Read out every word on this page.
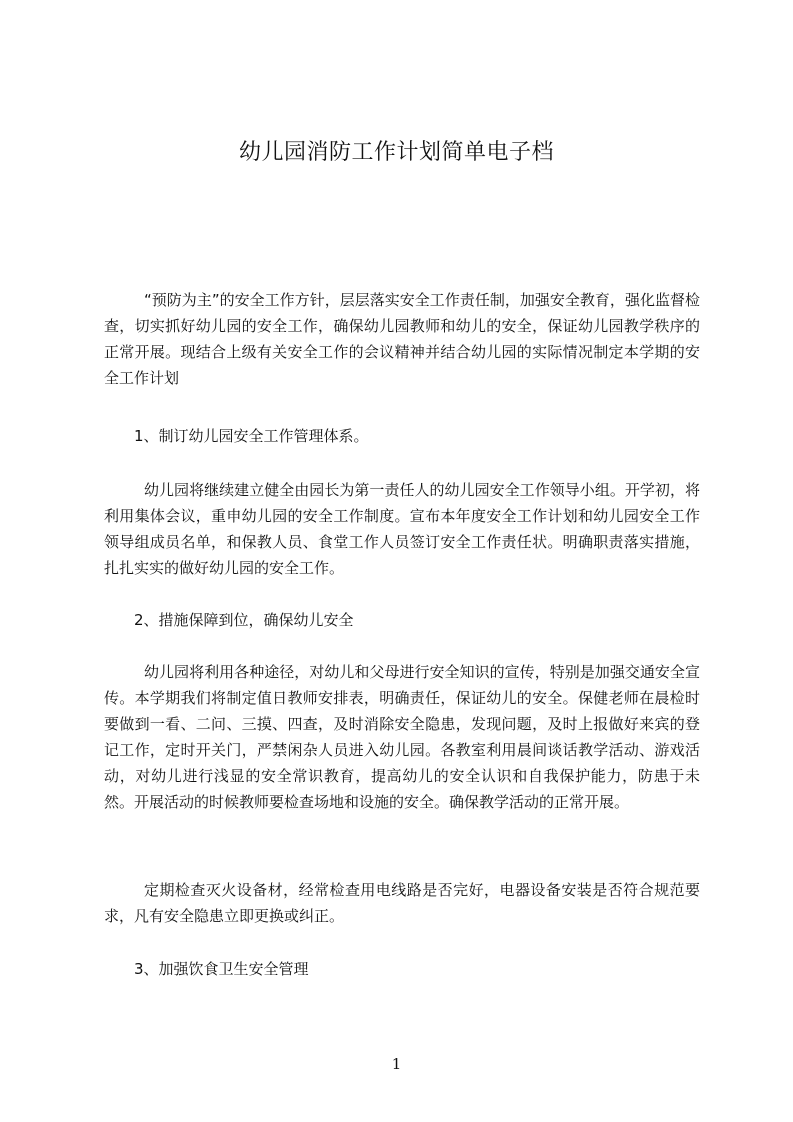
幼儿园消防工作计划简单电子档

“预防为主”的安全工作方针，层层落实安全工作责任制，加强安全教育，强化监督检查，切实抓好幼儿园的安全工作，确保幼儿园教师和幼儿的安全，保证幼儿园教学秩序的正常开展。现结合上级有关安全工作的会议精神并结合幼儿园的实际情况制定本学期的安全工作计划

1、制订幼儿园安全工作管理体系。

幼儿园将继续建立健全由园长为第一责任人的幼儿园安全工作领导小组。开学初，将利用集体会议，重申幼儿园的安全工作制度。宣布本年度安全工作计划和幼儿园安全工作领导组成员名单，和保教人员、食堂工作人员签订安全工作责任状。明确职责落实措施，扎扎实实的做好幼儿园的安全工作。

2、措施保障到位，确保幼儿安全

幼儿园将利用各种途径，对幼儿和父母进行安全知识的宣传，特别是加强交通安全宣传。本学期我们将制定值日教师安排表，明确责任，保证幼儿的安全。保健老师在晨检时要做到一看、二问、三摸、四查，及时消除安全隐患，发现问题，及时上报做好来宾的登记工作，定时开关门，严禁闲杂人员进入幼儿园。各教室利用晨间谈话教学活动、游戏活动，对幼儿进行浅显的安全常识教育，提高幼儿的安全认识和自我保护能力，防患于未然。开展活动的时候教师要检查场地和设施的安全。确保教学活动的正常开展。

定期检查灭火设备材，经常检查用电线路是否完好，电器设备安装是否符合规范要求，凡有安全隐患立即更换或纠正。

3、加强饮食卫生安全管理

1
